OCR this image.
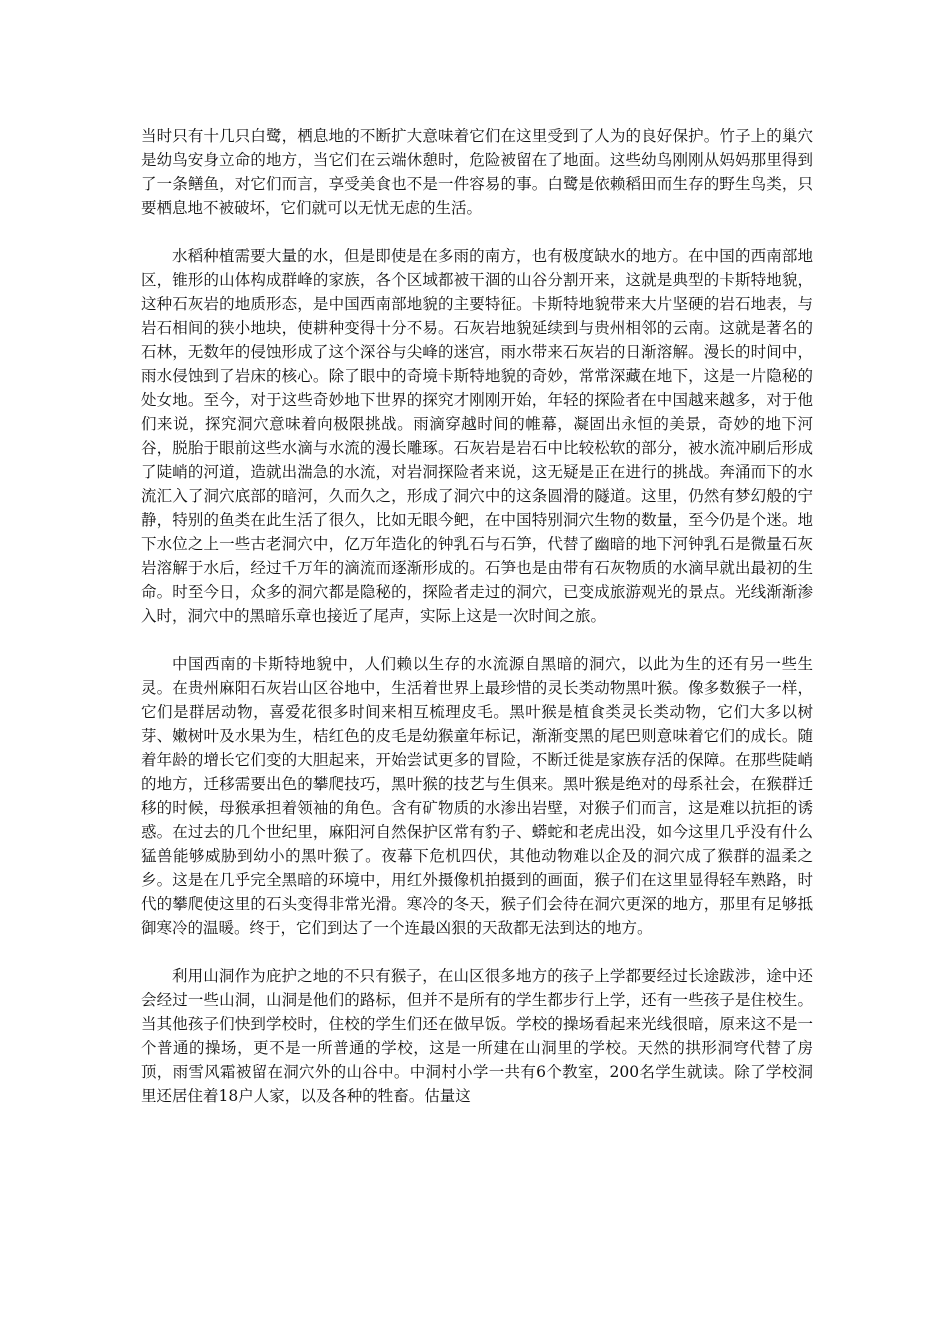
当时只有十几只白鹭，栖息地的不断扩大意味着它们在这里受到了人为的良好保护。竹子上的巢穴是幼鸟安身立命的地方，当它们在云端休憩时，危险被留在了地面。这些幼鸟刚刚从妈妈那里得到了一条鳝鱼，对它们而言，享受美食也不是一件容易的事。白鹭是依赖稻田而生存的野生鸟类，只要栖息地不被破坏，它们就可以无忧无虑的生活。

水稻种植需要大量的水，但是即使是在多雨的南方，也有极度缺水的地方。在中国的西南部地区，锥形的山体构成群峰的家族，各个区域都被干涸的山谷分割开来，这就是典型的卡斯特地貌，这种石灰岩的地质形态，是中国西南部地貌的主要特征。卡斯特地貌带来大片坚硬的岩石地表，与岩石相间的狭小地块，使耕种变得十分不易。石灰岩地貌延续到与贵州相邻的云南。这就是著名的石林，无数年的侵蚀形成了这个深谷与尖峰的迷宫，雨水带来石灰岩的日渐溶解。漫长的时间中，雨水侵蚀到了岩床的核心。除了眼中的奇境卡斯特地貌的奇妙，常常深藏在地下，这是一片隐秘的处女地。至今，对于这些奇妙地下世界的探究才刚刚开始，年轻的探险者在中国越来越多，对于他们来说，探究洞穴意味着向极限挑战。雨滴穿越时间的帷幕，凝固出永恒的美景，奇妙的地下河谷，脱胎于眼前这些水滴与水流的漫长雕琢。石灰岩是岩石中比较松软的部分，被水流冲刷后形成了陡峭的河道，造就出湍急的水流，对岩洞探险者来说，这无疑是正在进行的挑战。奔涌而下的水流汇入了洞穴底部的暗河，久而久之，形成了洞穴中的这条圆滑的隧道。这里，仍然有梦幻般的宁静，特别的鱼类在此生活了很久，比如无眼今鲃，在中国特别洞穴生物的数量，至今仍是个迷。地下水位之上一些古老洞穴中，亿万年造化的钟乳石与石笋，代替了幽暗的地下河钟乳石是微量石灰岩溶解于水后，经过千万年的滴流而逐渐形成的。石笋也是由带有石灰物质的水滴早就出最初的生命。时至今日，众多的洞穴都是隐秘的，探险者走过的洞穴，已变成旅游观光的景点。光线渐渐渗入时，洞穴中的黑暗乐章也接近了尾声，实际上这是一次时间之旅。

中国西南的卡斯特地貌中，人们赖以生存的水流源自黑暗的洞穴，以此为生的还有另一些生灵。在贵州麻阳石灰岩山区谷地中，生活着世界上最珍惜的灵长类动物黑叶猴。像多数猴子一样，它们是群居动物，喜爱花很多时间来相互梳理皮毛。黑叶猴是植食类灵长类动物，它们大多以树芽、嫩树叶及水果为生，桔红色的皮毛是幼猴童年标记，渐渐变黑的尾巴则意味着它们的成长。随着年龄的增长它们变的大胆起来，开始尝试更多的冒险，不断迁徙是家族存活的保障。在那些陡峭的地方，迁移需要出色的攀爬技巧，黑叶猴的技艺与生俱来。黑叶猴是绝对的母系社会，在猴群迁移的时候，母猴承担着领袖的角色。含有矿物质的水渗出岩壁，对猴子们而言，这是难以抗拒的诱惑。在过去的几个世纪里，麻阳河自然保护区常有豹子、蟒蛇和老虎出没，如今这里几乎没有什么猛兽能够威胁到幼小的黑叶猴了。夜幕下危机四伏，其他动物难以企及的洞穴成了猴群的温柔之乡。这是在几乎完全黑暗的环境中，用红外摄像机拍摄到的画面，猴子们在这里显得轻车熟路，时代的攀爬使这里的石头变得非常光滑。寒冷的冬天，猴子们会待在洞穴更深的地方，那里有足够抵御寒冷的温暖。终于，它们到达了一个连最凶狠的天敌都无法到达的地方。

利用山洞作为庇护之地的不只有猴子，在山区很多地方的孩子上学都要经过长途跋涉，途中还会经过一些山洞，山洞是他们的路标，但并不是所有的学生都步行上学，还有一些孩子是住校生。当其他孩子们快到学校时，住校的学生们还在做早饭。学校的操场看起来光线很暗，原来这不是一个普通的操场，更不是一所普通的学校，这是一所建在山洞里的学校。天然的拱形洞穹代替了房顶，雨雪风霜被留在洞穴外的山谷中。中洞村小学一共有6个教室，200名学生就读。除了学校洞里还居住着18户人家，以及各种的牲畜。估量这
